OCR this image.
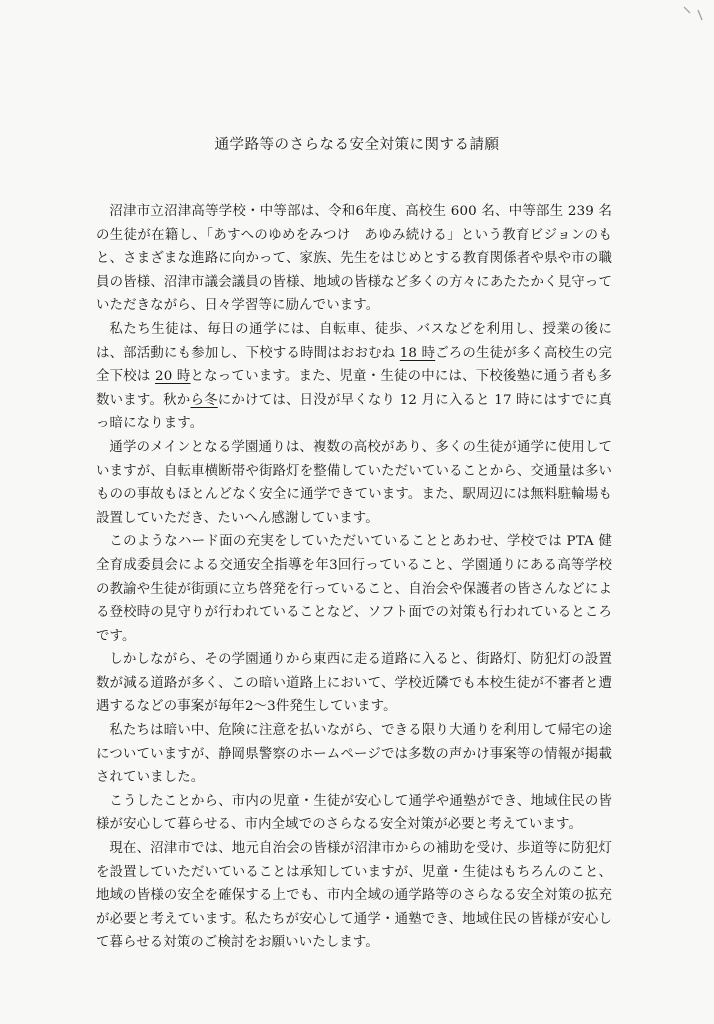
通学路等のさらなる安全対策に関する請願

沼津市立沼津高等学校・中等部は、令和6年度、高校生 600 名、中等部生 239 名の生徒が在籍し、「あすへのゆめをみつけ　あゆみ続ける」という教育ビジョンのもと、さまざまな進路に向かって、家族、先生をはじめとする教育関係者や県や市の職員の皆様、沼津市議会議員の皆様、地域の皆様など多くの方々にあたたかく見守っていただきながら、日々学習等に励んでいます。

私たち生徒は、毎日の通学には、自転車、徒歩、バスなどを利用し、授業の後には、部活動にも参加し、下校する時間はおおむね 18 時ごろの生徒が多く高校生の完全下校は 20 時となっています。また、児童・生徒の中には、下校後塾に通う者も多数います。秋から冬にかけては、日没が早くなり 12 月に入ると 17 時にはすでに真っ暗になります。

通学のメインとなる学園通りは、複数の高校があり、多くの生徒が通学に使用していますが、自転車横断帯や街路灯を整備していただいていることから、交通量は多いものの事故もほとんどなく安全に通学できています。また、駅周辺には無料駐輪場も設置していただき、たいへん感謝しています。

このようなハード面の充実をしていただいていることとあわせ、学校では PTA 健全育成委員会による交通安全指導を年3回行っていること、学園通りにある高等学校の教諭や生徒が街頭に立ち啓発を行っていること、自治会や保護者の皆さんなどによる登校時の見守りが行われていることなど、ソフト面での対策も行われているところです。

しかしながら、その学園通りから東西に走る道路に入ると、街路灯、防犯灯の設置数が減る道路が多く、この暗い道路上において、学校近隣でも本校生徒が不審者と遭遇するなどの事案が毎年2～3件発生しています。

私たちは暗い中、危険に注意を払いながら、できる限り大通りを利用して帰宅の途についていますが、静岡県警察のホームページでは多数の声かけ事案等の情報が掲載されていました。

こうしたことから、市内の児童・生徒が安心して通学や通塾ができ、地域住民の皆様が安心して暮らせる、市内全域でのさらなる安全対策が必要と考えています。

現在、沼津市では、地元自治会の皆様が沼津市からの補助を受け、歩道等に防犯灯を設置していただいていることは承知していますが、児童・生徒はもちろんのこと、地域の皆様の安全を確保する上でも、市内全域の通学路等のさらなる安全対策の拡充が必要と考えています。私たちが安心して通学・通塾でき、地域住民の皆様が安心して暮らせる対策のご検討をお願いいたします。
